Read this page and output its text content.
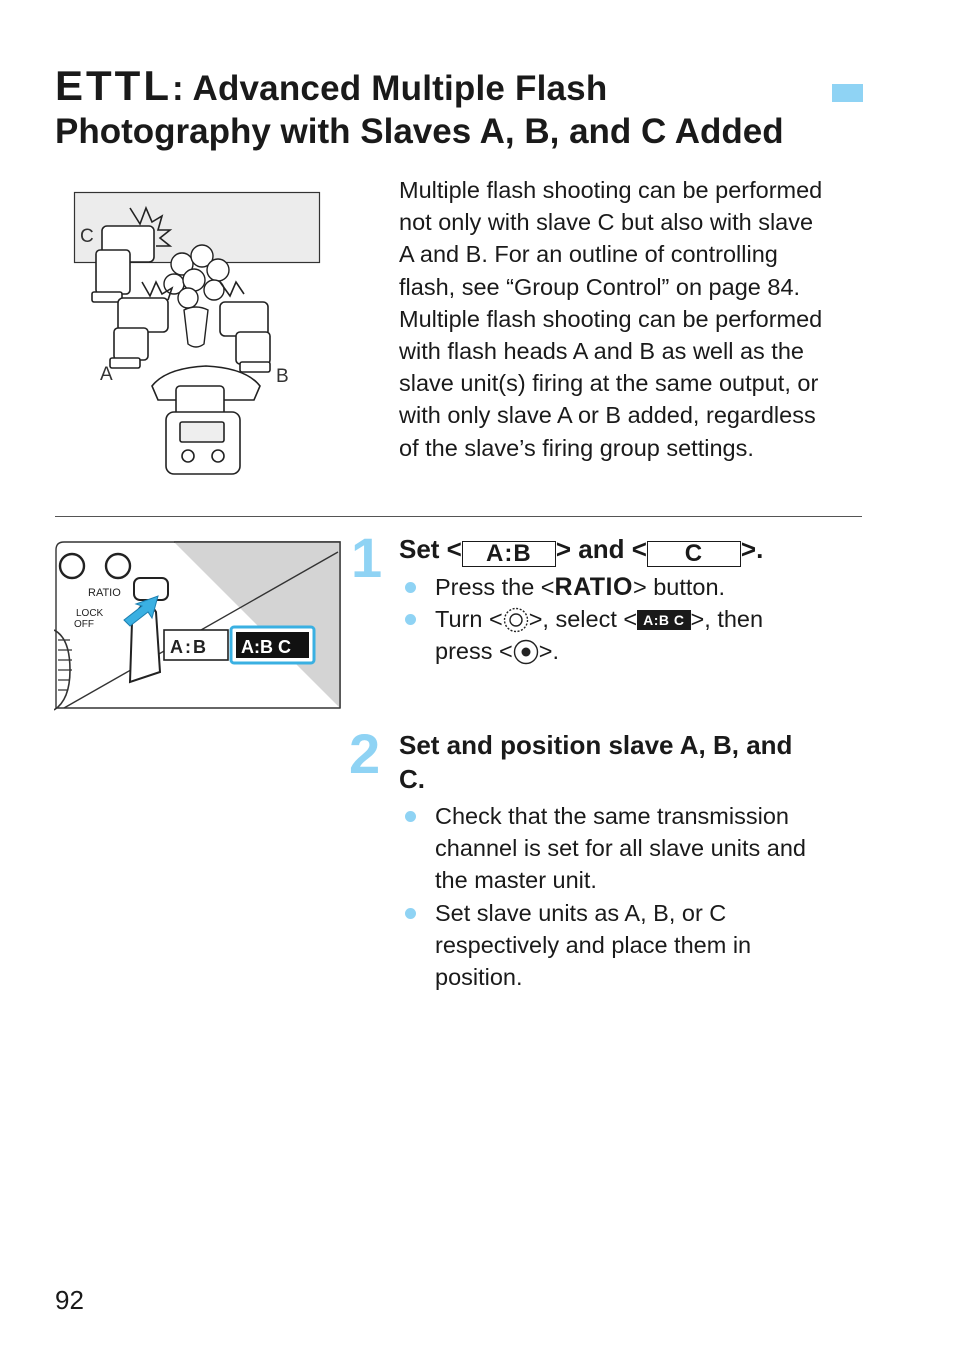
ETTL: Advanced Multiple Flash
Photography with Slaves A, B, and C Added
C
A	B

Multiple flash shooting can be performed

not only with slave C but also with slave

A and B. For an outline of controlling

flash, see “Group Control” on page 84.

Multiple flash shooting can be performed

with flash heads A and B as well as the

slave unit(s) firing at the same output, or

with only slave A or B added, regardless

of the slave’s firing group settings.

RATIO
LOCK
OFF
A:B A:B C
1 Set < A:B > and < C >.
Press the <RATIO> button.
Turn < >, select < A:B C >, then
press < >.
2 Set and position slave A, B, and
C.
Check that the same transmission
channel is set for all slave units and
the master unit.
Set slave units as A, B, or C
respectively and place them in
position.
92
